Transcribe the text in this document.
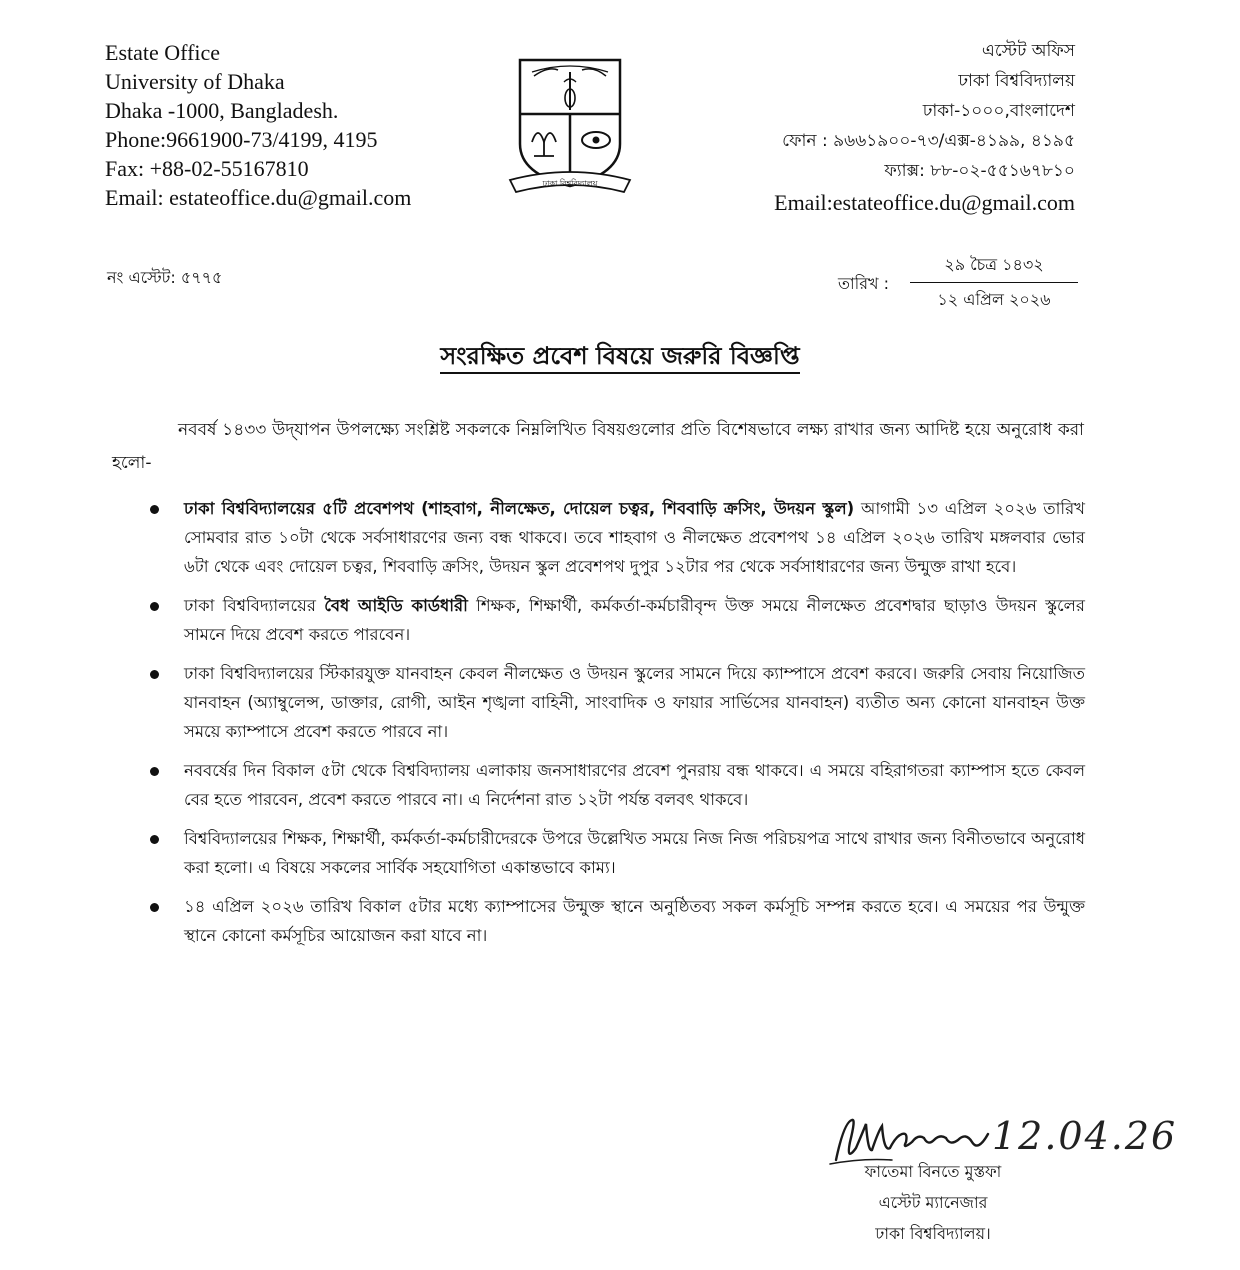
Estate Office
University of Dhaka
Dhaka -1000, Bangladesh.
Phone:9661900-73/4199, 4195
Fax: +88-02-55167810
Email: estateoffice.du@gmail.com
ঢাকা বিশ্ববিদ্যালয়
এস্টেট অফিস
ঢাকা বিশ্ববিদ্যালয়
ঢাকা-১০০০,বাংলাদেশ
ফোন : ৯৬৬১৯০০-৭৩/এক্স-৪১৯৯, ৪১৯৫
ফ্যাক্স: ৮৮-০২-৫৫১৬৭৮১০
Email:estateoffice.du@gmail.com
নং এস্টেট: ৫৭৭৫	তারিখ :
২৯ চৈত্র ১৪৩২
১২ এপ্রিল ২০২৬
সংরক্ষিত প্রবেশ বিষয়ে জরুরি বিজ্ঞপ্তি
নববর্ষ ১৪৩৩ উদ্‌যাপন উপলক্ষ্যে সংশ্লিষ্ট সকলকে নিম্নলিখিত বিষয়গুলোর প্রতি বিশেষভাবে লক্ষ্য রাখার জন্য আদিষ্ট হয়ে অনুরোধ করা হলো-
ঢাকা বিশ্ববিদ্যালয়ের ৫টি প্রবেশপথ (শাহবাগ, নীলক্ষেত, দোয়েল চত্বর, শিববাড়ি ক্রসিং, উদয়ন স্কুল) আগামী ১৩ এপ্রিল ২০২৬ তারিখ সোমবার রাত ১০টা থেকে সর্বসাধারণের জন্য বন্ধ থাকবে। তবে শাহবাগ ও নীলক্ষেত প্রবেশপথ ১৪ এপ্রিল ২০২৬ তারিখ মঙ্গলবার ভোর ৬টা থেকে এবং দোয়েল চত্বর, শিববাড়ি ক্রসিং, উদয়ন স্কুল প্রবেশপথ দুপুর ১২টার পর থেকে সর্বসাধারণের জন্য উন্মুক্ত রাখা হবে।
ঢাকা বিশ্ববিদ্যালয়ের বৈধ আইডি কার্ডধারী শিক্ষক, শিক্ষার্থী, কর্মকর্তা-কর্মচারীবৃন্দ উক্ত সময়ে নীলক্ষেত প্রবেশদ্বার ছাড়াও উদয়ন স্কুলের সামনে দিয়ে প্রবেশ করতে পারবেন।
ঢাকা বিশ্ববিদ্যালয়ের স্টিকারযুক্ত যানবাহন কেবল নীলক্ষেত ও উদয়ন স্কুলের সামনে দিয়ে ক্যাম্পাসে প্রবেশ করবে। জরুরি সেবায় নিয়োজিত যানবাহন (অ্যাম্বুলেন্স, ডাক্তার, রোগী, আইন শৃঙ্খলা বাহিনী, সাংবাদিক ও ফায়ার সার্ভিসের যানবাহন) ব্যতীত অন্য কোনো যানবাহন উক্ত সময়ে ক্যাম্পাসে প্রবেশ করতে পারবে না।
নববর্ষের দিন বিকাল ৫টা থেকে বিশ্ববিদ্যালয় এলাকায় জনসাধারণের প্রবেশ পুনরায় বন্ধ থাকবে। এ সময়ে বহিরাগতরা ক্যাম্পাস হতে কেবল বের হতে পারবেন, প্রবেশ করতে পারবে না। এ নির্দেশনা রাত ১২টা পর্যন্ত বলবৎ থাকবে।
বিশ্ববিদ্যালয়ের শিক্ষক, শিক্ষার্থী, কর্মকর্তা-কর্মচারীদেরকে উপরে উল্লেখিত সময়ে নিজ নিজ পরিচয়পত্র সাথে রাখার জন্য বিনীতভাবে অনুরোধ করা হলো। এ বিষয়ে সকলের সার্বিক সহযোগিতা একান্তভাবে কাম্য।
১৪ এপ্রিল ২০২৬ তারিখ বিকাল ৫টার মধ্যে ক্যাম্পাসের উন্মুক্ত স্থানে অনুষ্ঠিতব্য সকল কর্মসূচি সম্পন্ন করতে হবে। এ সময়ের পর উন্মুক্ত স্থানে কোনো কর্মসূচির আয়োজন করা যাবে না।
12.04.26
ফাতেমা বিনতে মুস্তফা
এস্টেট ম্যানেজার
ঢাকা বিশ্ববিদ্যালয়।
